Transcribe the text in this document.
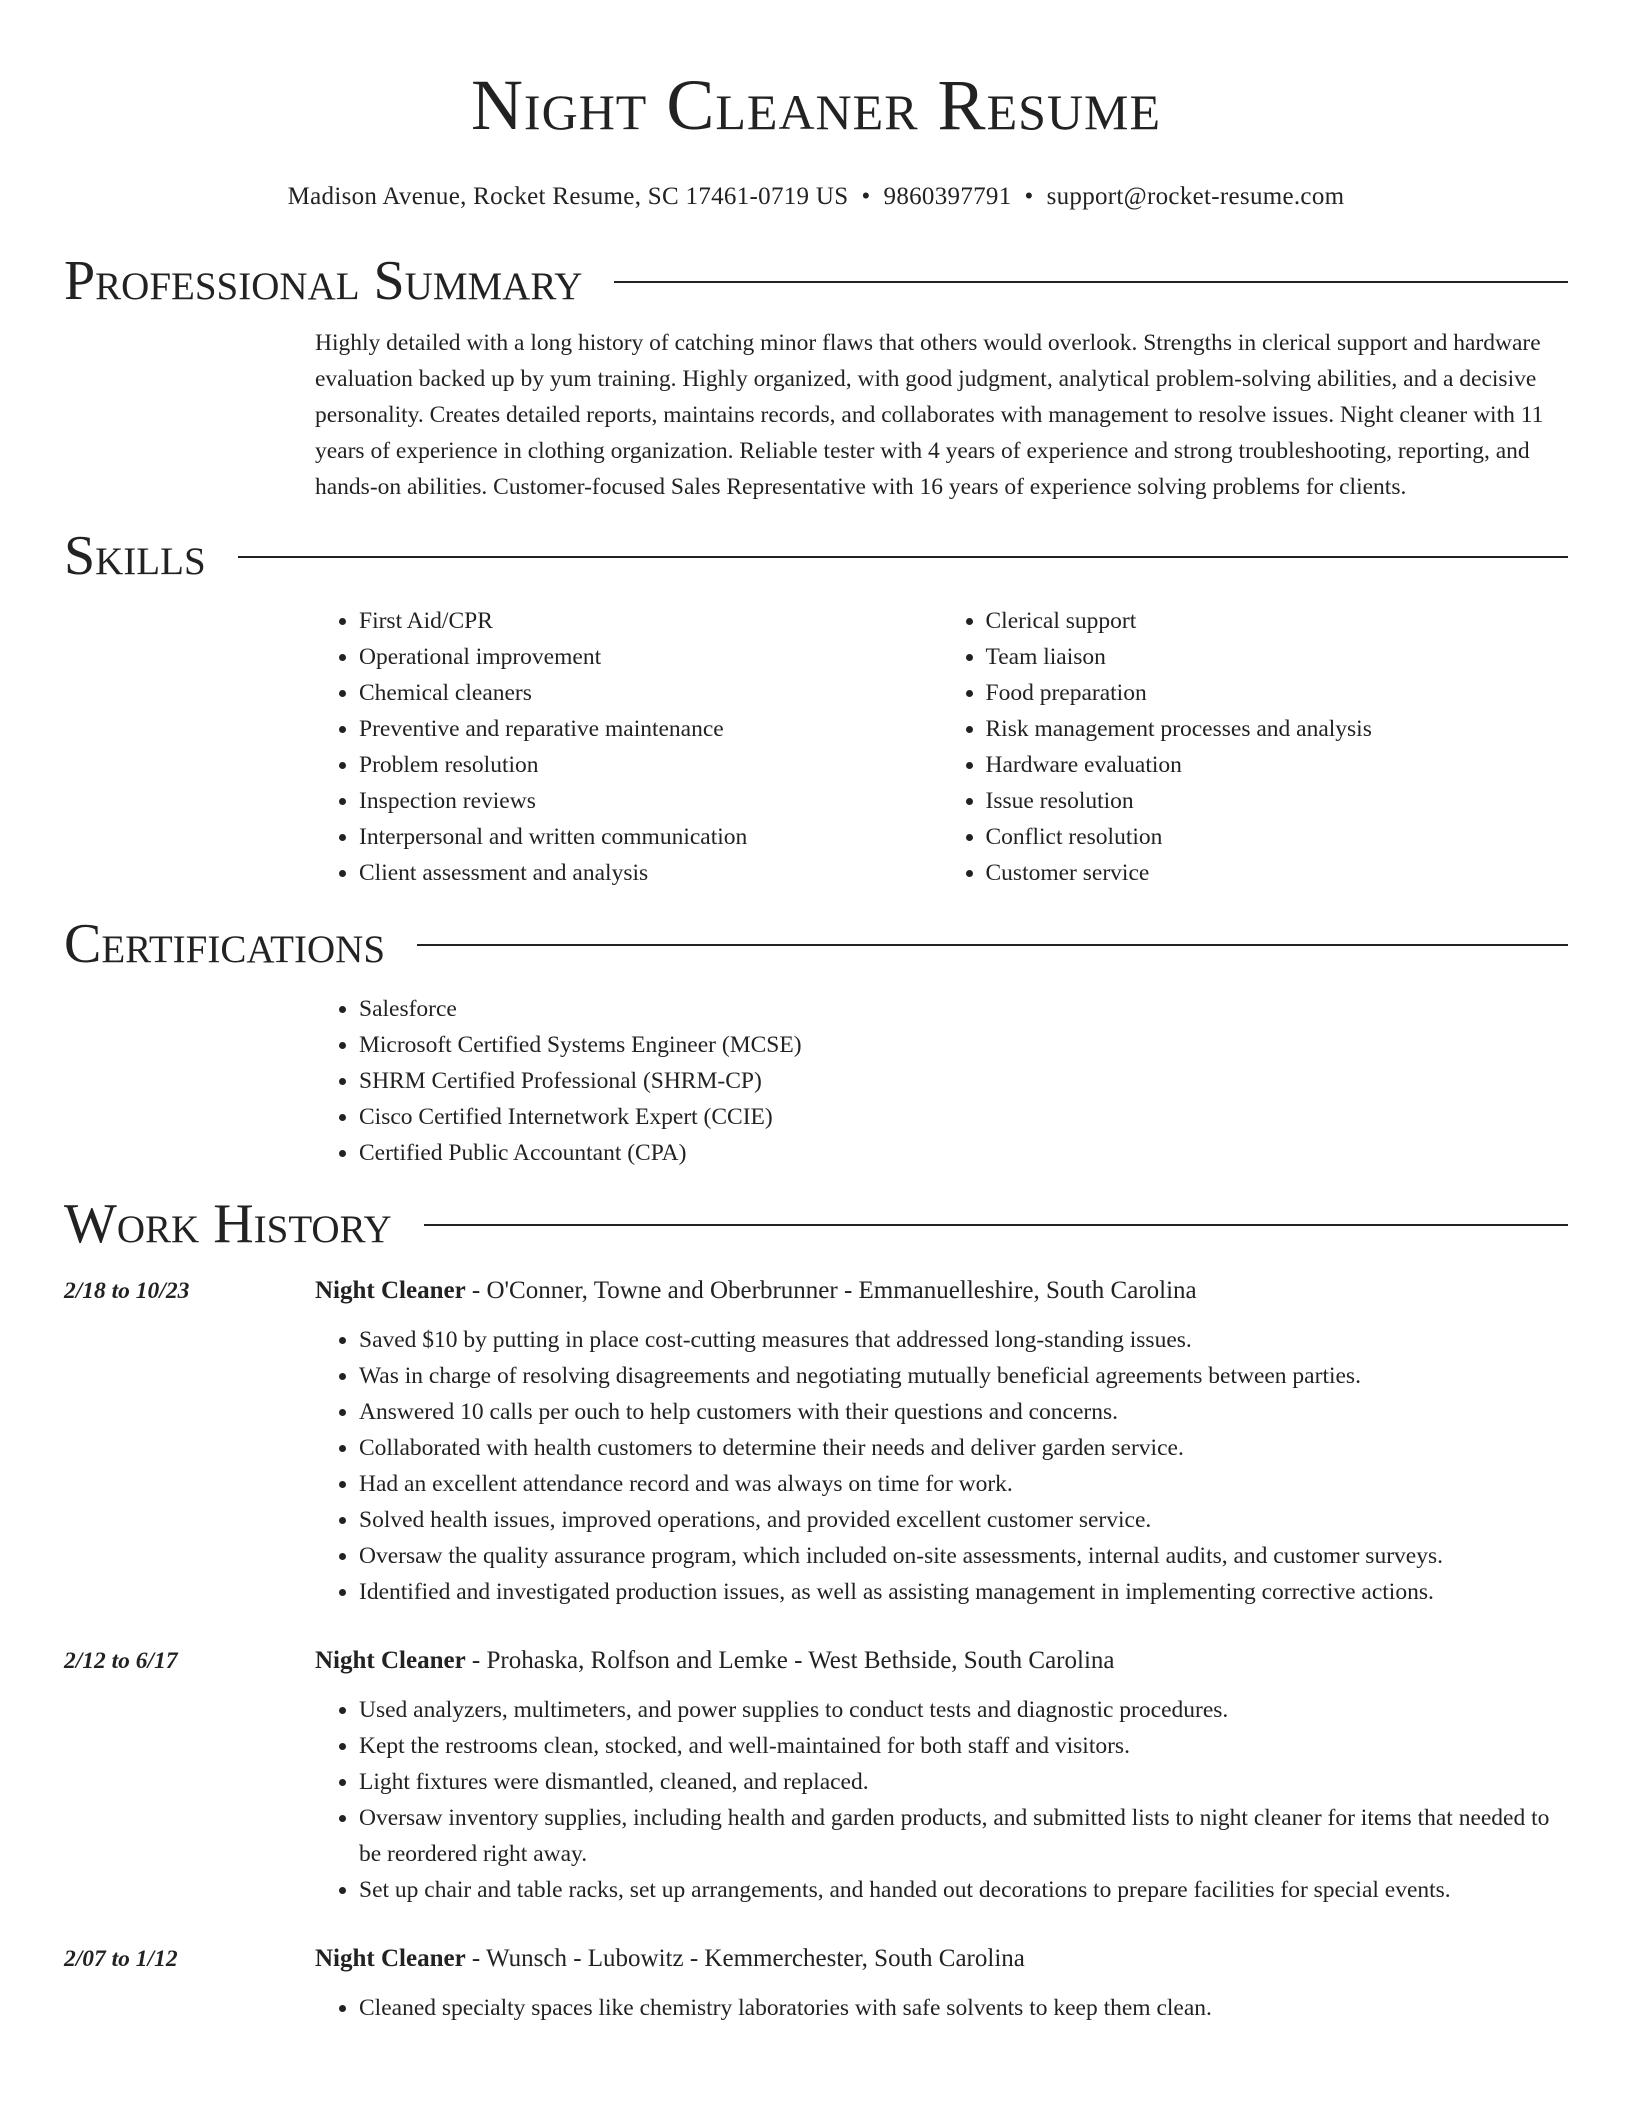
Night Cleaner Resume
Madison Avenue, Rocket Resume, SC 17461-0719 US • 9860397791 • support@rocket-resume.com
Professional Summary

Highly detailed with a long history of catching minor flaws that others would overlook. Strengths in clerical support and hardware evaluation backed up by yum training. Highly organized, with good judgment, analytical problem-solving abilities, and a decisive personality. Creates detailed reports, maintains records, and collaborates with management to resolve issues. Night cleaner with 11 years of experience in clothing organization. Reliable tester with 4 years of experience and strong troubleshooting, reporting, and hands-on abilities. Customer-focused Sales Representative with 16 years of experience solving problems for clients.

Skills
• First Aid/CPR
• Operational improvement
• Chemical cleaners
• Preventive and reparative maintenance
• Problem resolution
• Inspection reviews
• Interpersonal and written communication
• Client assessment and analysis
• Clerical support
• Team liaison
• Food preparation
• Risk management processes and analysis
• Hardware evaluation
• Issue resolution
• Conflict resolution
• Customer service
Certifications
• Salesforce
• Microsoft Certified Systems Engineer (MCSE)
• SHRM Certified Professional (SHRM-CP)
• Cisco Certified Internetwork Expert (CCIE)
• Certified Public Accountant (CPA)
Work History
2/18 to 10/23	Night Cleaner - O'Conner, Towne and Oberbrunner - Emmanuelleshire, South Carolina
• Saved $10 by putting in place cost-cutting measures that addressed long-standing issues.
• Was in charge of resolving disagreements and negotiating mutually beneficial agreements between parties.
• Answered 10 calls per ouch to help customers with their questions and concerns.
• Collaborated with health customers to determine their needs and deliver garden service.
• Had an excellent attendance record and was always on time for work.
• Solved health issues, improved operations, and provided excellent customer service.
• Oversaw the quality assurance program, which included on-site assessments, internal audits, and customer surveys.
• Identified and investigated production issues, as well as assisting management in implementing corrective actions.
2/12 to 6/17	Night Cleaner - Prohaska, Rolfson and Lemke - West Bethside, South Carolina
• Used analyzers, multimeters, and power supplies to conduct tests and diagnostic procedures.
• Kept the restrooms clean, stocked, and well-maintained for both staff and visitors.
• Light fixtures were dismantled, cleaned, and replaced.
• Oversaw inventory supplies, including health and garden products, and submitted lists to night cleaner for items that needed to be reordered right away.
• Set up chair and table racks, set up arrangements, and handed out decorations to prepare facilities for special events.
2/07 to 1/12	Night Cleaner - Wunsch - Lubowitz - Kemmerchester, South Carolina
• Cleaned specialty spaces like chemistry laboratories with safe solvents to keep them clean.
